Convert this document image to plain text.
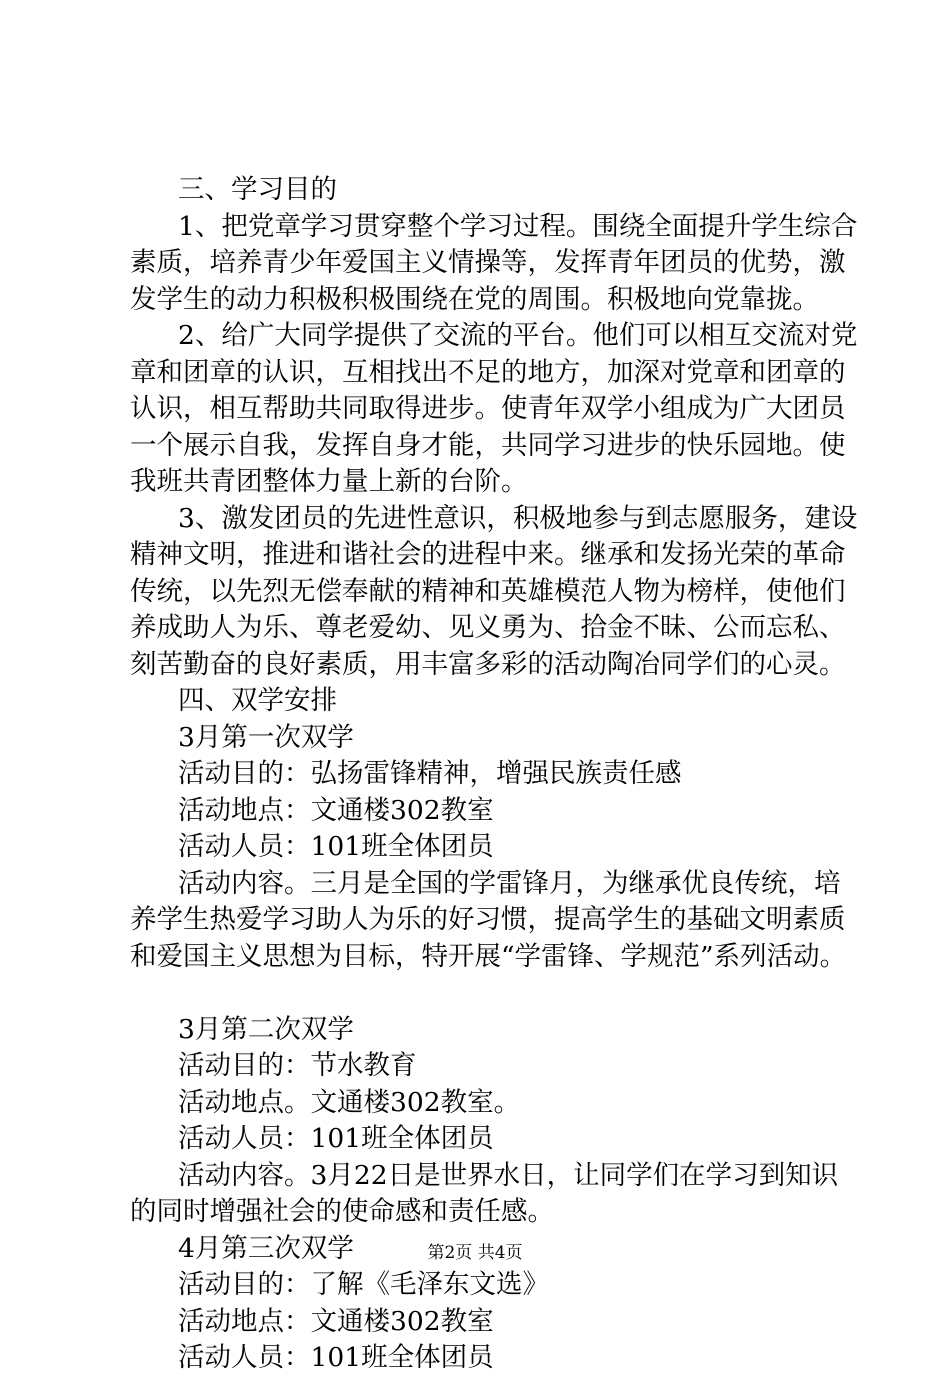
三、学习目的
1、把党章学习贯穿整个学习过程。围绕全面提升学生综合
素质，培养青少年爱国主义情操等，发挥青年团员的优势，激
发学生的动力积极积极围绕在党的周围。积极地向党靠拢。
2、给广大同学提供了交流的平台。他们可以相互交流对党
章和团章的认识，互相找出不足的地方，加深对党章和团章的
认识，相互帮助共同取得进步。使青年双学小组成为广大团员
一个展示自我，发挥自身才能，共同学习进步的快乐园地。使
我班共青团整体力量上新的台阶。
3、激发团员的先进性意识，积极地参与到志愿服务，建设
精神文明，推进和谐社会的进程中来。继承和发扬光荣的革命
传统，以先烈无偿奉献的精神和英雄模范人物为榜样，使他们
养成助人为乐、尊老爱幼、见义勇为、拾金不昧、公而忘私、
刻苦勤奋的良好素质，用丰富多彩的活动陶冶同学们的心灵。
四、双学安排
3月第一次双学
活动目的：弘扬雷锋精神，增强民族责任感
活动地点：文通楼302教室
活动人员：101班全体团员
活动内容。三月是全国的学雷锋月，为继承优良传统，培
养学生热爱学习助人为乐的好习惯，提高学生的基础文明素质
和爱国主义思想为目标，特开展“学雷锋、学规范”系列活动。
3月第二次双学
活动目的：节水教育
活动地点。文通楼302教室。
活动人员：101班全体团员
活动内容。3月22日是世界水日，让同学们在学习到知识
的同时增强社会的使命感和责任感。
4月第三次双学
活动目的：了解《毛泽东文选》
活动地点：文通楼302教室
活动人员：101班全体团员
第2页 共4页
